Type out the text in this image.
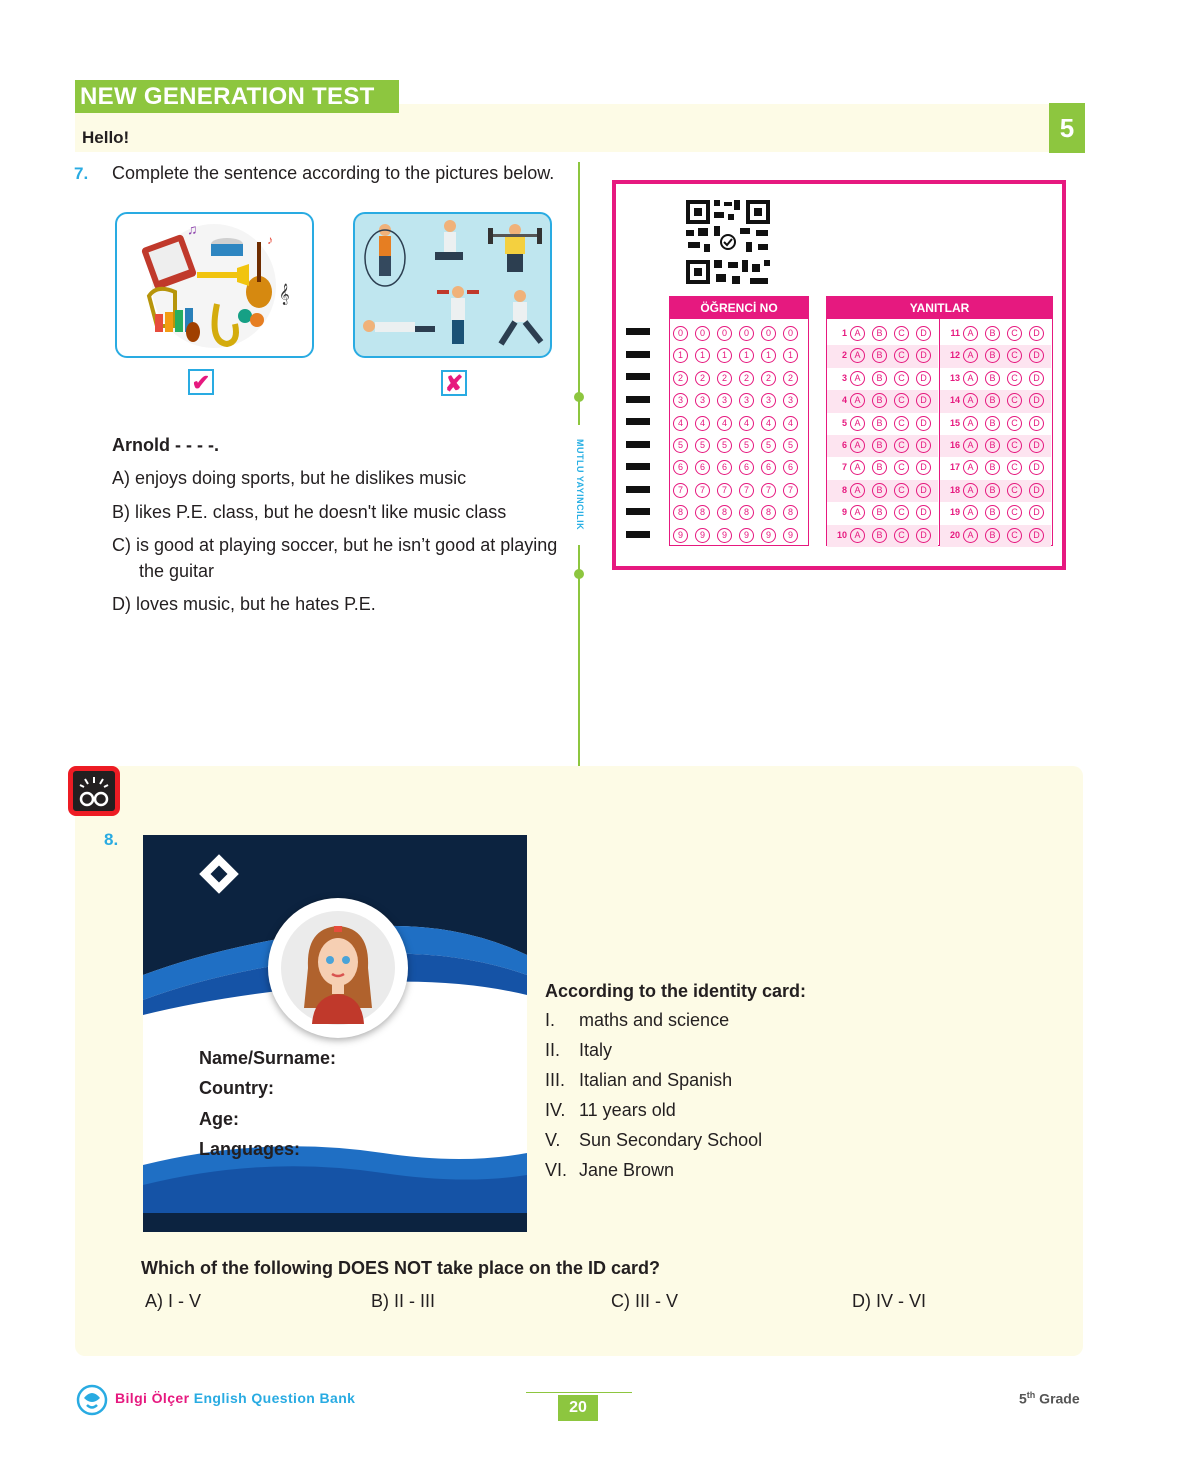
NEW GENERATION TEST
Hello!	5
MUTLU YAYINCILIK
7. Complete the sentence according to the pictures below.
♫
𝄞
♪
✔	✘
Arnold - - - -.
A) enjoys doing sports, but he dislikes music
B) likes P.E. class, but he doesn't like music class
C) is good at playing soccer, but he isn’t good at playing
the guitar
D) loves music, but he hates P.E.
ÖĞRENCİ NO
0 0 0 0 0 0
1 1 1 1 1 1
2 2 2 2 2 2
3 3 3 3 3 3
4 4 4 4 4 4
5 5 5 5 5 5
6 6 6 6 6 6
7 7 7 7 7 7
8 8 8 8 8 8
9 9 9 9 9 9
YANITLAR
1 A B C D
2 A B C D
3 A B C D
4 A B C D
5 A B C D
6 A B C D
7 A B C D
8 A B C D
9 A B C D
10 A B C D
11 A B C D
12 A B C D
13 A B C D
14 A B C D
15 A B C D
16 A B C D
17 A B C D
18 A B C D
19 A B C D
20 A B C D
8.
Name/Surname:
Country:
Age:
Languages:
According to the identity card:
I. maths and science
II. Italy
III. Italian and Spanish
IV. 11 years old
V. Sun Secondary School
VI. Jane Brown
Which of the following DOES NOT take place on the ID card?
A) I - V	B) II - III	C) III - V	D) IV - VI
Bilgi Ölçer English Question Bank
20
5th Grade
